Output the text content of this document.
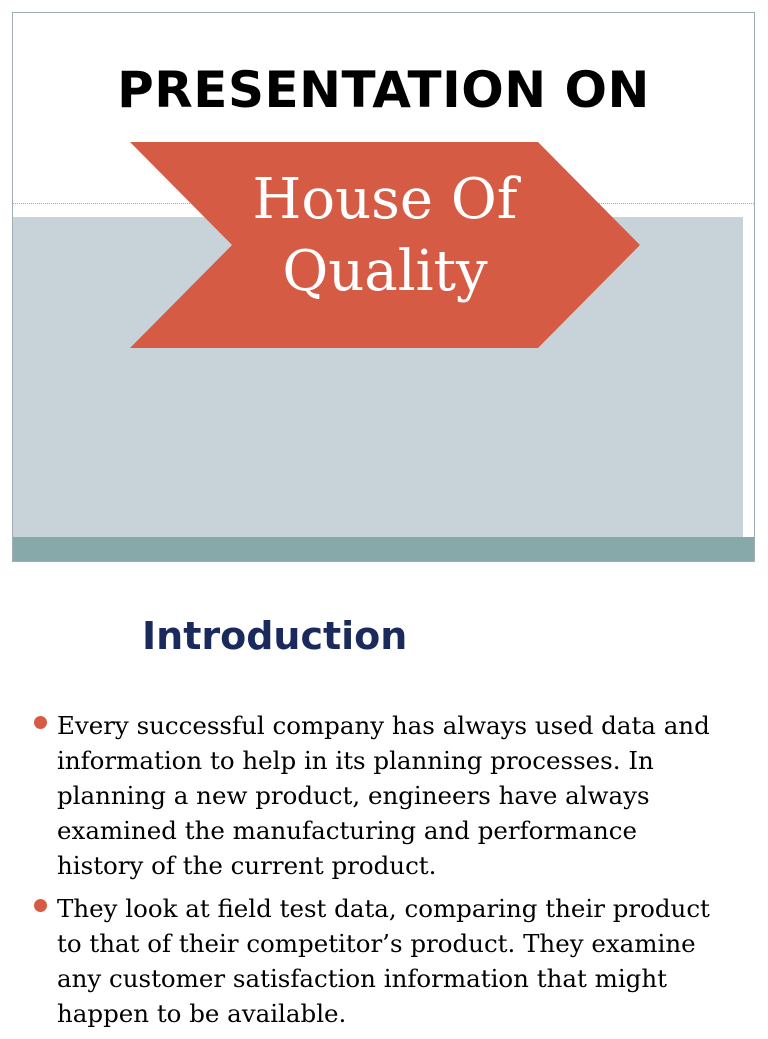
PRESENTATION ON
House Of
Quality
Introduction
Every successful company has always used data and
information to help in its planning processes. In
planning a new product, engineers have always
examined the manufacturing and performance
history of the current product.
They look at field test data, comparing their product
to that of their competitor’s product. They examine
any customer satisfaction information that might
happen to be available.
